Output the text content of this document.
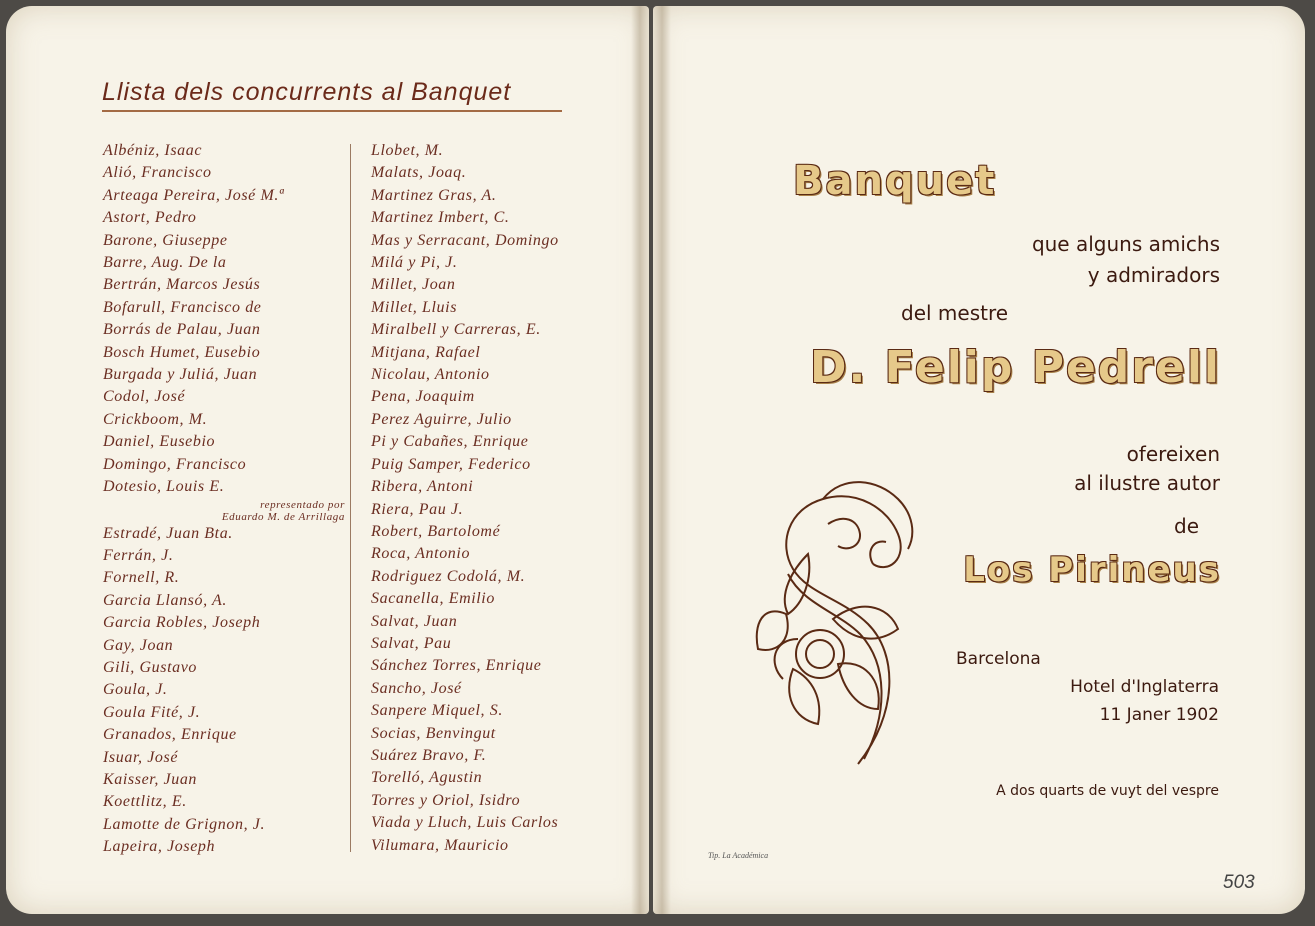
Llista dels concurrents al Banquet
Albéniz, Isaac
Alió, Francisco
Arteaga Pereira, José M.ª
Astort, Pedro
Barone, Giuseppe
Barre, Aug. De la
Bertrán, Marcos Jesús
Bofarull, Francisco de
Borrás de Palau, Juan
Bosch Humet, Eusebio
Burgada y Juliá, Juan
Codol, José
Crickboom, M.
Daniel, Eusebio
Domingo, Francisco
Dotesio, Louis E.
representado por
Eduardo M. de Arrillaga
Estradé, Juan Bta.
Ferrán, J.
Fornell, R.
Garcia Llansó, A.
Garcia Robles, Joseph
Gay, Joan
Gili, Gustavo
Goula, J.
Goula Fité, J.
Granados, Enrique
Isuar, José
Kaisser, Juan
Koettlitz, E.
Lamotte de Grignon, J.
Lapeira, Joseph
Llobet, M.
Malats, Joaq.
Martinez Gras, A.
Martinez Imbert, C.
Mas y Serracant, Domingo
Milá y Pi, J.
Millet, Joan
Millet, Lluis
Miralbell y Carreras, E.
Mitjana, Rafael
Nicolau, Antonio
Pena, Joaquim
Perez Aguirre, Julio
Pi y Cabañes, Enrique
Puig Samper, Federico
Ribera, Antoni
Riera, Pau J.
Robert, Bartolomé
Roca, Antonio
Rodriguez Codolá, M.
Sacanella, Emilio
Salvat, Juan
Salvat, Pau
Sánchez Torres, Enrique
Sancho, José
Sanpere Miquel, S.
Socias, Benvingut
Suárez Bravo, F.
Torelló, Agustin
Torres y Oriol, Isidro
Viada y Lluch, Luis Carlos
Vilumara, Mauricio
Banquet
que alguns amichs
y admiradors
del mestre
D. Felip Pedrell
ofereixen
al ilustre autor
de
Los Pirineus
Barcelona
Hotel d'Inglaterra
11 Janer 1902
A dos quarts de vuyt del vespre
Tip. La Académica
503
